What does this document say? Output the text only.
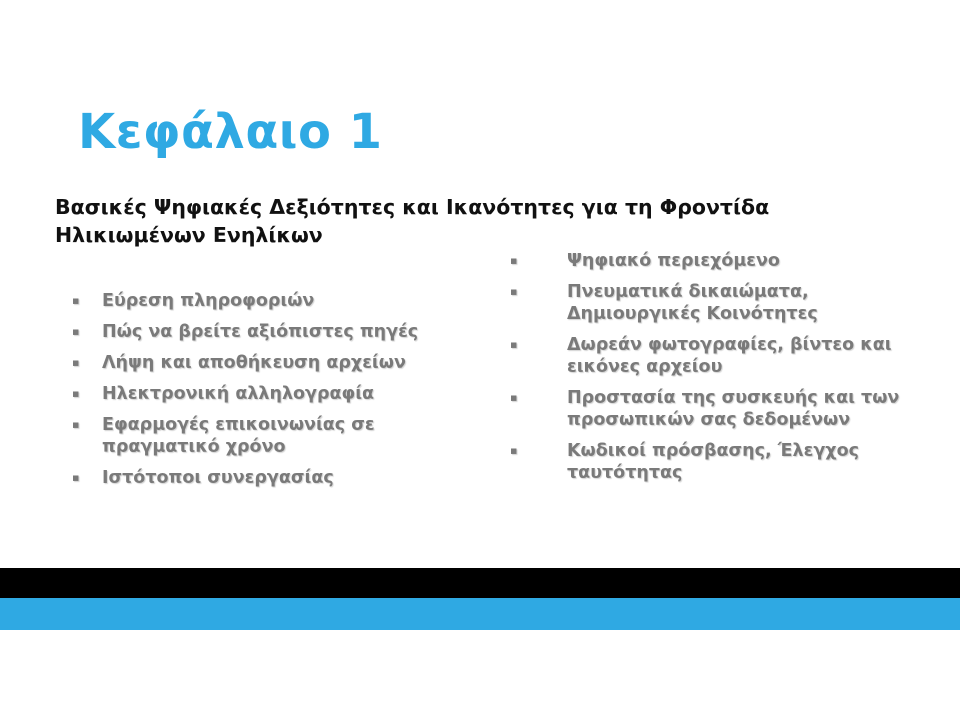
Κεφάλαιο 1
Βασικές Ψηφιακές Δεξιότητες και Ικανότητες για τη Φροντίδα Ηλικιωμένων Ενηλίκων
▪ Εύρεση πληροφοριών
▪ Πώς να βρείτε αξιόπιστες πηγές
▪ Λήψη και αποθήκευση αρχείων
▪ Ηλεκτρονική αλληλογραφία
▪ Εφαρμογές επικοινωνίας σε πραγματικό χρόνο
▪ Ιστότοποι συνεργασίας
▪	Ψηφιακό περιεχόμενο
▪	Πνευματικά δικαιώματα, Δημιουργικές Κοινότητες
▪	Δωρεάν φωτογραφίες, βίντεο και εικόνες αρχείου
▪	Προστασία της συσκευής και των προσωπικών σας δεδομένων
▪	Κωδικοί πρόσβασης, Έλεγχος ταυτότητας
